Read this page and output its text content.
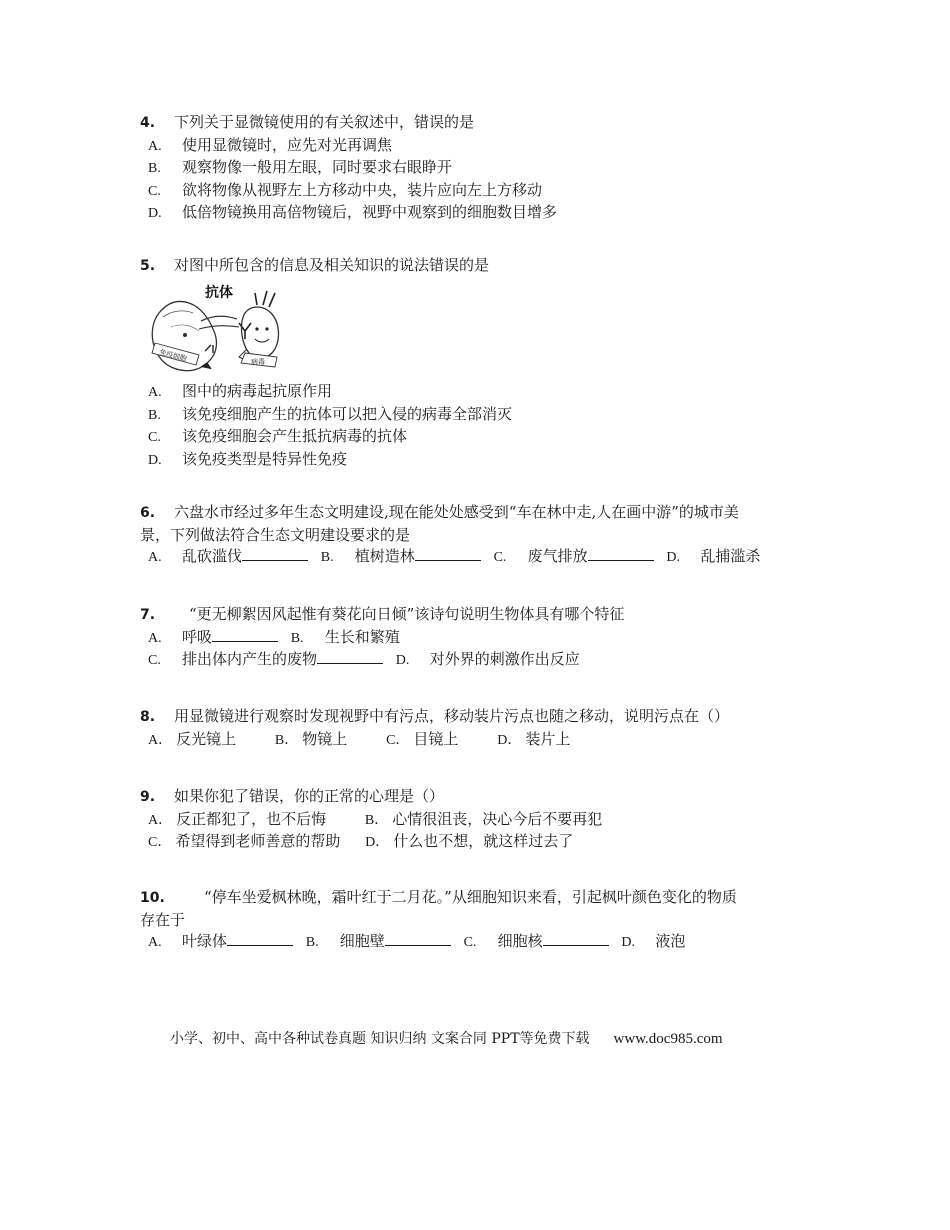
4. 下列关于显微镜使用的有关叙述中，错误的是
A. 使用显微镜时，应先对光再调焦
B. 观察物像一般用左眼，同时要求右眼睁开
C. 欲将物像从视野左上方移动中央，装片应向左上方移动
D. 低倍物镜换用高倍物镜后，视野中观察到的细胞数目增多
5. 对图中所包含的信息及相关知识的说法错误的是
免疫细胞
抗体
病毒
A. 图中的病毒起抗原作用
B. 该免疫细胞产生的抗体可以把入侵的病毒全部消灭
C. 该免疫细胞会产生抵抗病毒的抗体
D. 该免疫类型是特异性免疫
6. 六盘水市经过多年生态文明建设,现在能处处感受到“车在林中走,人在画中游”的城市美
景，下列做法符合生态文明建设要求的是
A. 乱砍滥伐	B. 植树造林	C. 废气排放	D. 乱捕滥杀
7.　 “更无柳絮因风起惟有葵花向日倾”该诗句说明生物体具有哪个特征
A. 呼吸	B. 生长和繁殖
C. 排出体内产生的废物	D. 对外界的刺激作出反应
8. 用显微镜进行观察时发现视野中有污点，移动装片污点也随之移动，说明污点在（）
A． 反光镜上	B． 物镜上	C． 目镜上	D． 装片上
9. 如果你犯了错误，你的正常的心理是（）
A． 反正都犯了，也不后悔	B． 心情很沮丧，决心今后不要再犯
C． 希望得到老师善意的帮助 D． 什么也不想，就这样过去了
10.　　	“停车坐爱枫林晚，霜叶红于二月花。”从细胞知识来看，引起枫叶颜色变化的物质
存在于
A. 叶绿体	B. 细胞壁	C. 细胞核	D. 液泡
小学、初中、高中各种试卷真题 知识归纳 文案合同 PPT等免费下载 www.doc985.com
